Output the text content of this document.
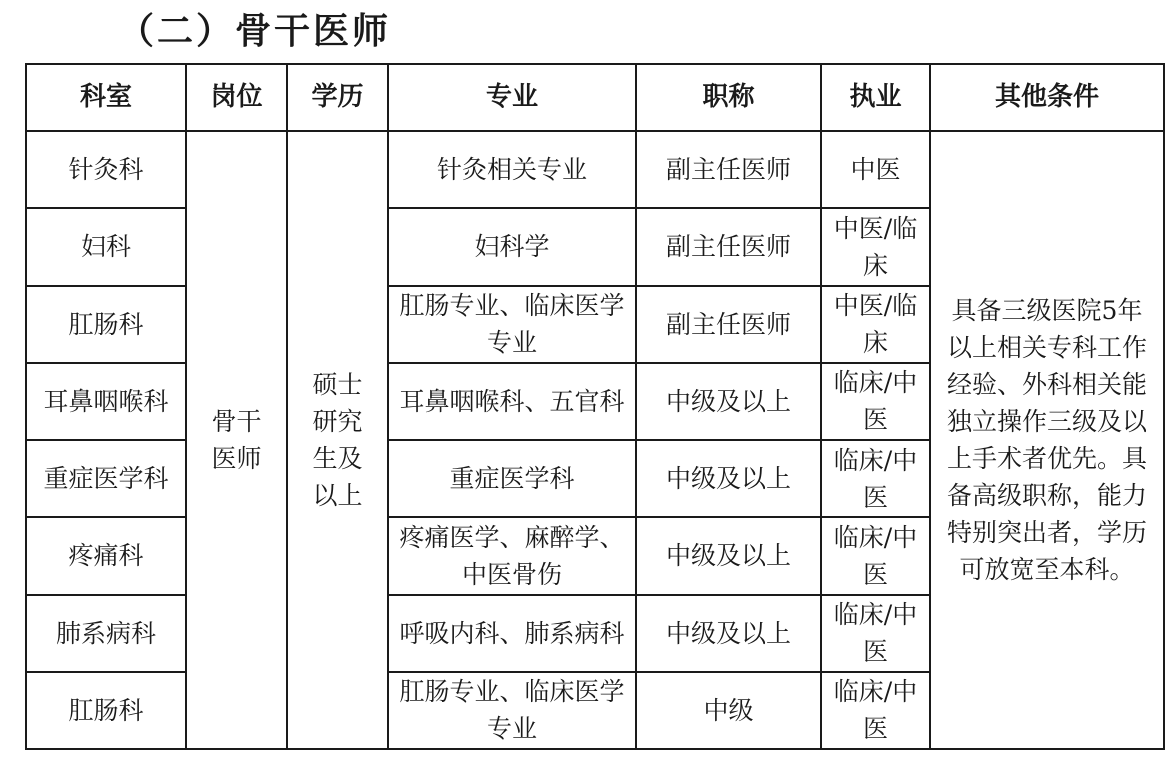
（二）骨干医师
科室	岗位	学历	专业	职称	执业	其他条件
针灸科	骨干医师	硕士研究生及以上	针灸相关专业	副主任医师	中医	具备三级医院5年以上相关专科工作经验、外科相关能独立操作三级及以上手术者优先。具备高级职称，能力特别突出者，学历可放宽至本科。
妇科			妇科学	副主任医师	中医/临床	
肛肠科			肛肠专业、临床医学专业	副主任医师	中医/临床	
耳鼻咽喉科			耳鼻咽喉科、五官科	中级及以上	临床/中医	
重症医学科			重症医学科	中级及以上	临床/中医	
疼痛科			疼痛医学、麻醉学、中医骨伤	中级及以上	临床/中医	
肺系病科			呼吸内科、肺系病科	中级及以上	临床/中医	
肛肠科			肛肠专业、临床医学专业	中级	临床/中医	
